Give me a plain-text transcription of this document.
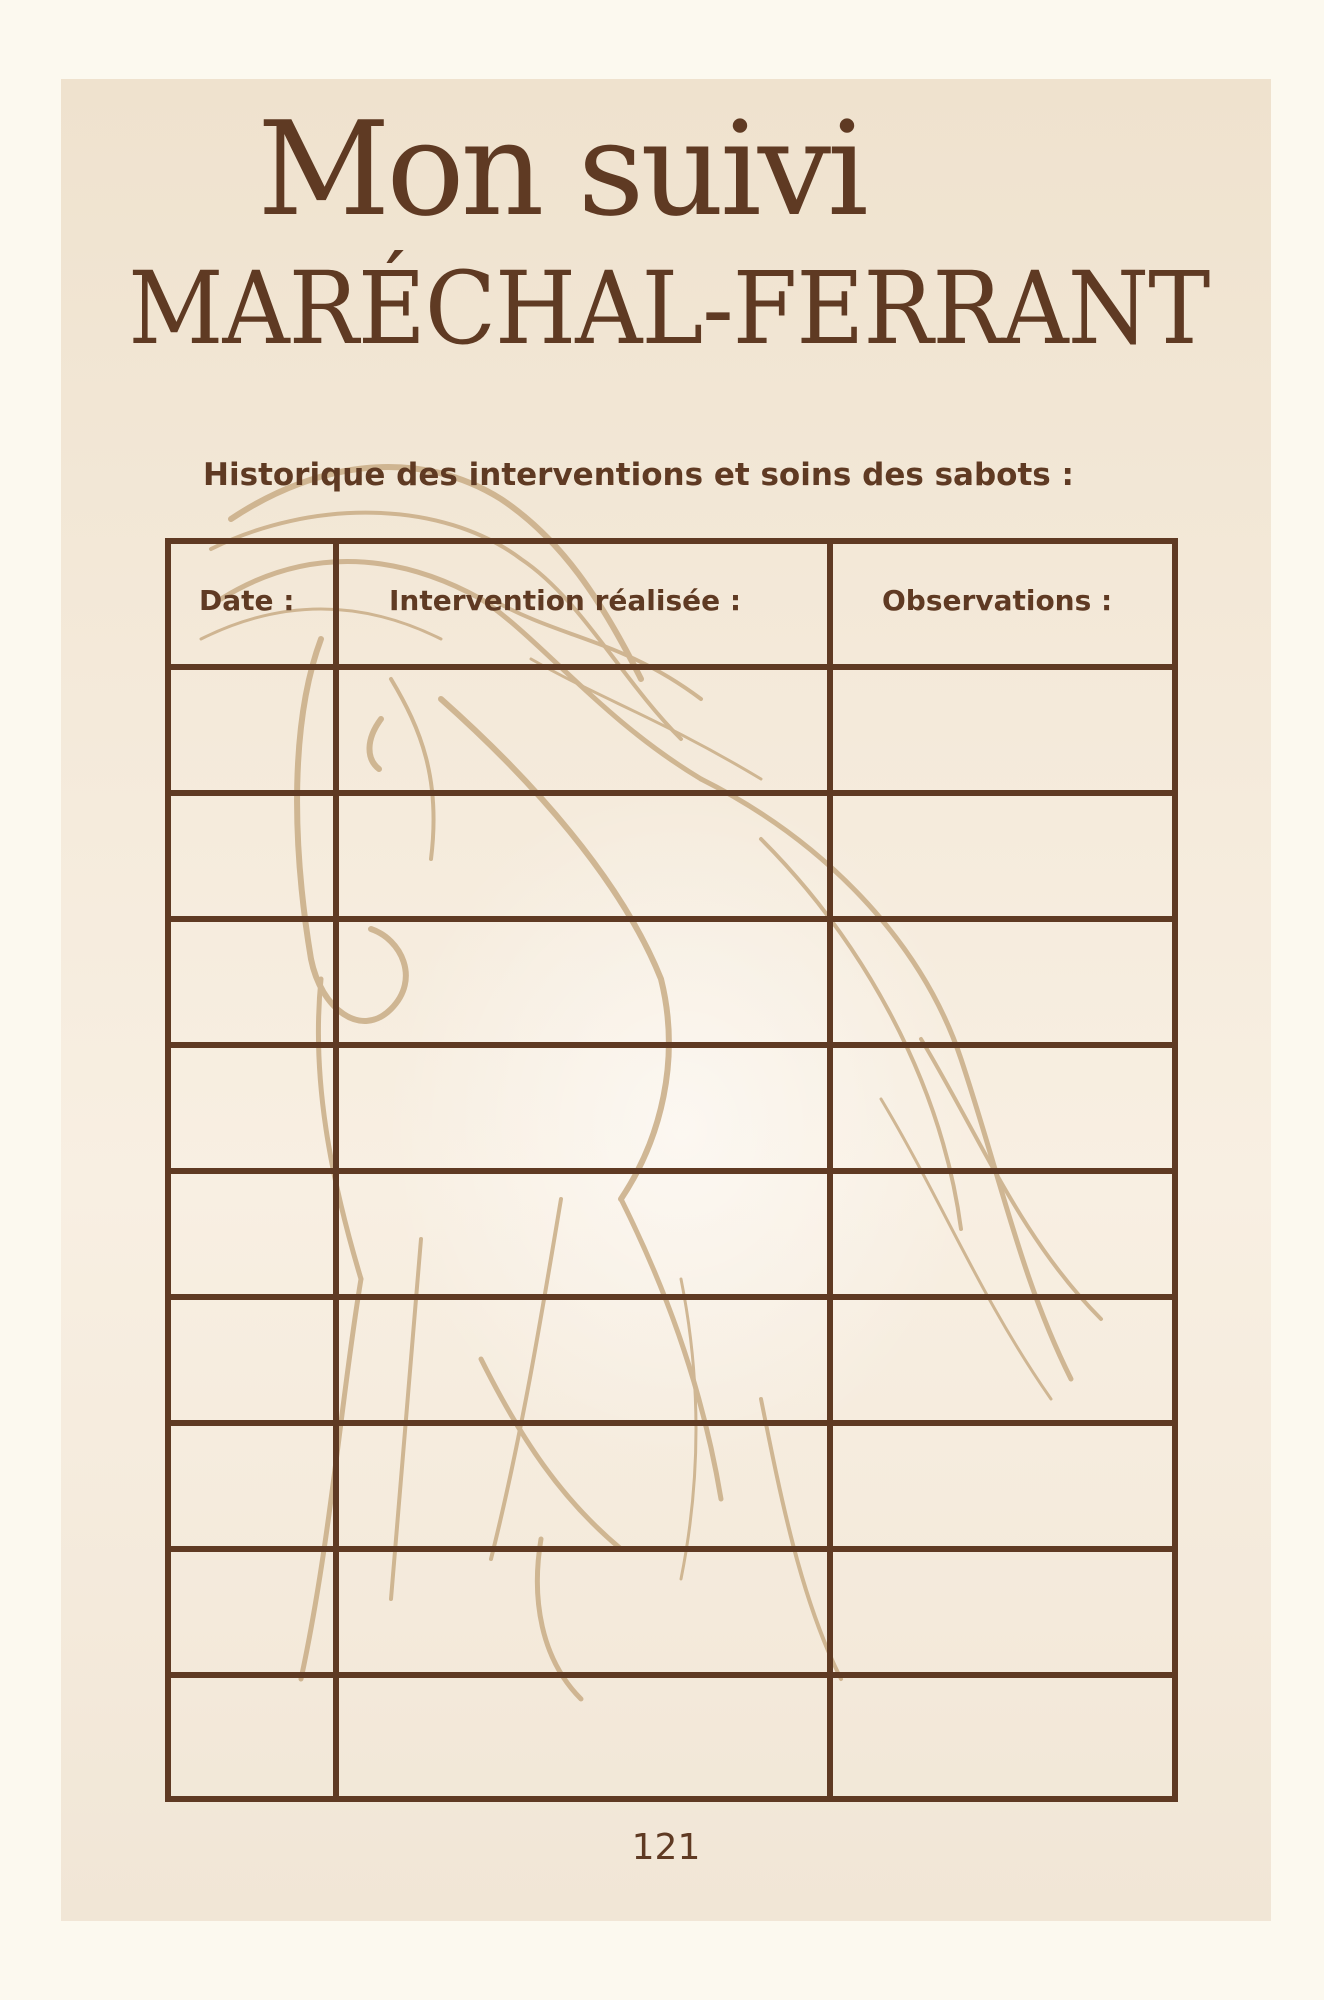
Mon suivi
MARÉCHAL-FERRANT
Historique des interventions et soins des sabots :
Date :	Intervention réalisée :	Observations :
121
